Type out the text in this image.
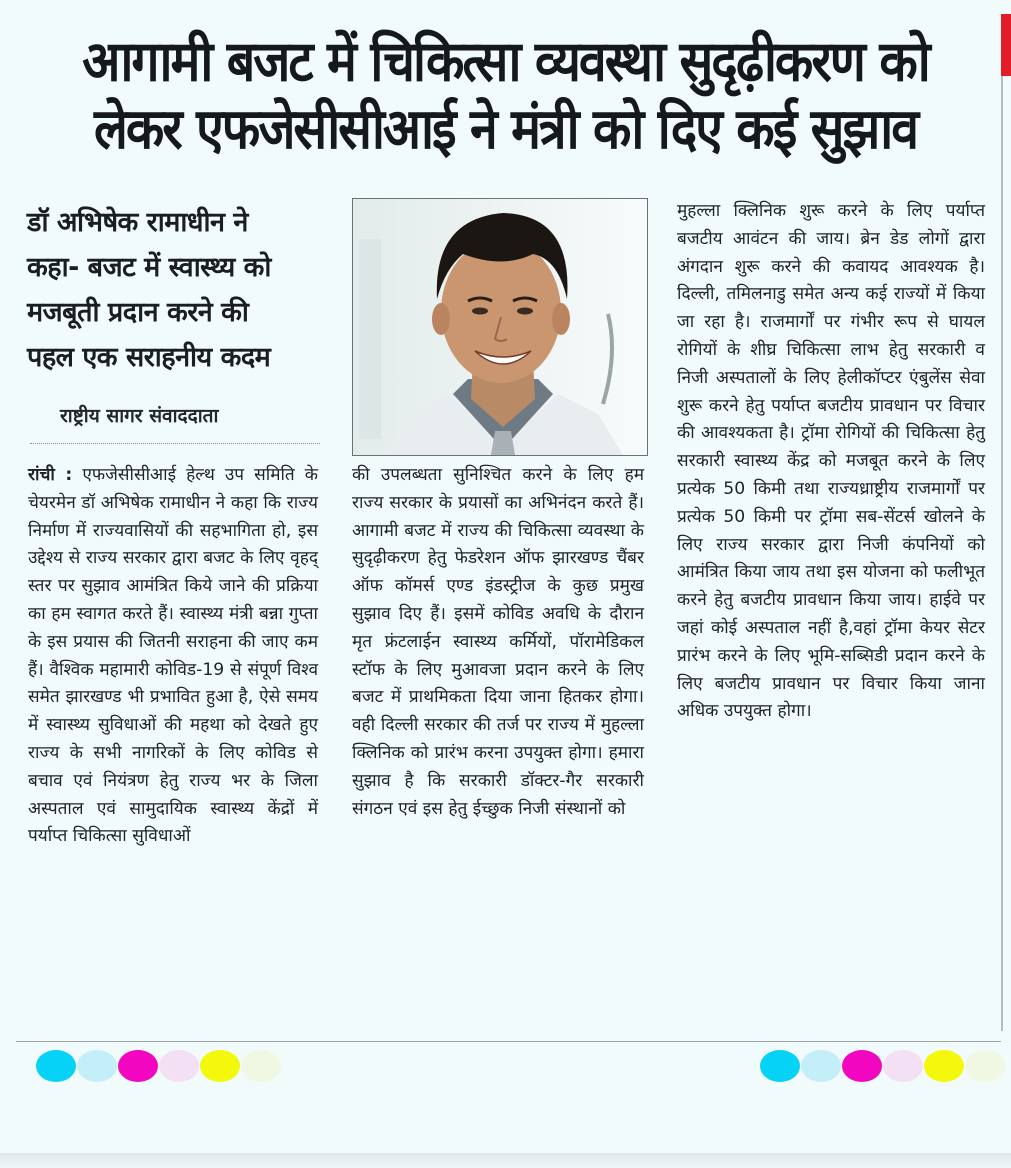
आगामी बजट में चिकित्सा व्यवस्था सुदृढ़ीकरण को
लेकर एफजेसीसीआई ने मंत्री को दिए कई सुझाव
डॉ अभिषेक रामाधीन ने
कहा- बजट में स्वास्थ्य को
मजबूती प्रदान करने की
पहल एक सराहनीय कदम
राष्ट्रीय सागर संवाददाता

रांची : एफजेसीसीआई हेल्थ उप समिति के चेयरमेन डॉ अभिषेक रामाधीन ने कहा कि राज्य निर्माण में राज्यवासियों की सहभागिता हो, इस उद्देश्य से राज्य सरकार द्वारा बजट के लिए वृहद् स्तर पर सुझाव आमंत्रित किये जाने की प्रक्रिया का हम स्वागत करते हैं। स्वास्थ्य मंत्री बन्ना गुप्ता के इस प्रयास की जितनी सराहना की जाए कम हैं। वैश्विक महामारी कोविड-19 से संपूर्ण विश्व समेत झारखण्ड भी प्रभावित हुआ है, ऐसे समय में स्वास्थ्य सुविधाओं की महथा को देखते हुए राज्य के सभी नागरिकों के लिए कोविड से बचाव एवं नियंत्रण हेतु राज्य भर के जिला अस्पताल एवं सामुदायिक स्वास्थ्य केंद्रों में पर्याप्त चिकित्सा सुविधाओं

की उपलब्धता सुनिश्चित करने के लिए हम राज्य सरकार के प्रयासों का अभिनंदन करते हैं। आगामी बजट में राज्य की चिकित्सा व्यवस्था के सुदृढ़ीकरण हेतु फेडरेशन ऑफ झारखण्ड चैंबर ऑफ कॉमर्स एण्ड इंडस्ट्रीज के कुछ प्रमुख सुझाव दिए हैं। इसमें कोविड अवधि के दौरान मृत फ्रंटलाईन स्वास्थ्य कर्मियों, पॉरामेडिकल स्टॉफ के लिए मुआवजा प्रदान करने के लिए बजट में प्राथमिकता दिया जाना हितकर होगा। वही दिल्ली सरकार की तर्ज पर राज्य में मुहल्ला क्लिनिक को प्रारंभ करना उपयुक्त होगा। हमारा सुझाव है कि सरकारी डॉक्टर-गैर सरकारी संगठन एवं इस हेतु ईच्छुक निजी संस्थानों को

मुहल्ला क्लिनिक शुरू करने के लिए पर्याप्त बजटीय आवंटन की जाय। ब्रेन डेड लोगों द्वारा अंगदान शुरू करने की कवायद आवश्यक है। दिल्ली, तमिलनाडु समेत अन्य कई राज्यों में किया जा रहा है। राजमार्गों पर गंभीर रूप से घायल रोगियों के शीघ्र चिकित्सा लाभ हेतु सरकारी व निजी अस्पतालों के लिए हेलीकॉप्टर एंबुलेंस सेवा शुरू करने हेतु पर्याप्त बजटीय प्रावधान पर विचार की आवश्यकता है। ट्रॉमा रोगियों की चिकित्सा हेतु सरकारी स्वास्थ्य केंद्र को मजबूत करने के लिए प्रत्येक 50 किमी तथा राज्यध्राष्ट्रीय राजमार्गों पर प्रत्येक 50 किमी पर ट्रॉमा सब-सेंटर्स खोलने के लिए राज्य सरकार द्वारा निजी कंपनियों को आमंत्रित किया जाय तथा इस योजना को फलीभूत करने हेतु बजटीय प्रावधान किया जाय। हाईवे पर जहां कोई अस्पताल नहीं है,वहां ट्रॉमा केयर सेटर प्रारंभ करने के लिए भूमि-सब्सिडी प्रदान करने के लिए बजटीय प्रावधान पर विचार किया जाना अधिक उपयुक्त होगा।
